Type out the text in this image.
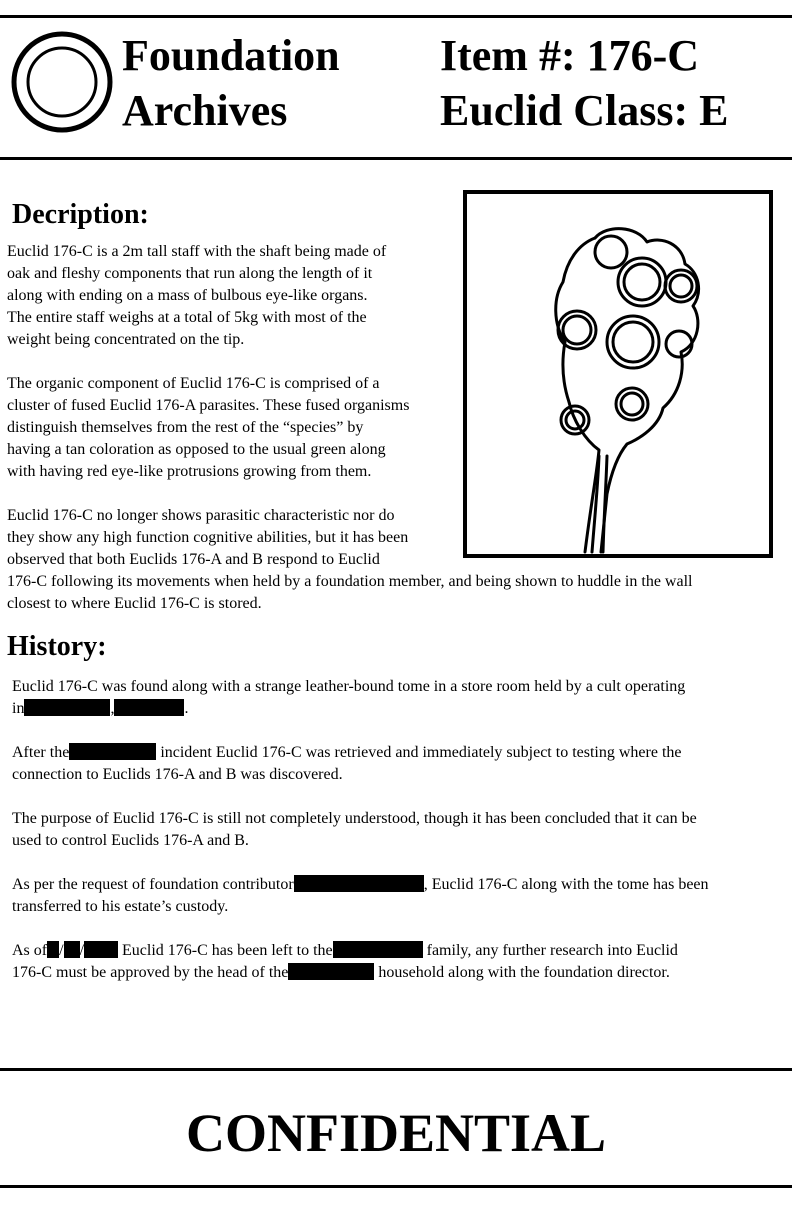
Foundation
Archives
Item #: 176-C
Euclid Class: E
Decription:
Euclid 176-C is a 2m tall staff with the shaft being made of
oak and fleshy components that run along the length of it
along with ending on a mass of bulbous eye-like organs.
The entire staff weighs at a total of 5kg with most of the
weight being concentrated on the tip.
The organic component of Euclid 176-C is comprised of a
cluster of fused Euclid 176-A parasites. These fused organisms
distinguish themselves from the rest of the “species” by
having a tan coloration as opposed to the usual green along
with having red eye-like protrusions growing from them.
Euclid 176-C no longer shows parasitic characteristic nor do
they show any high function cognitive abilities, but it has been
observed that both Euclids 176-A and B respond to Euclid
176-C following its movements when held by a foundation member, and being shown to huddle in the wall
closest to where Euclid 176-C is stored.
History:
Euclid 176-C was found along with a strange leather-bound tome in a store room held by a cult operating
in	,	.
After the	incident Euclid 176-C was retrieved and immediately subject to testing where the
connection to Euclids 176-A and B was discovered.
The purpose of Euclid 176-C is still not completely understood, though it has been concluded that it can be
used to control Euclids 176-A and B.
As per the request of foundation contributor	, Euclid 176-C along with the tome has been
transferred to his estate’s custody.
As of / / Euclid 176-C has been left to the	family, any further research into Euclid
176-C must be approved by the head of the	household along with the foundation director.
CONFIDENTIAL
